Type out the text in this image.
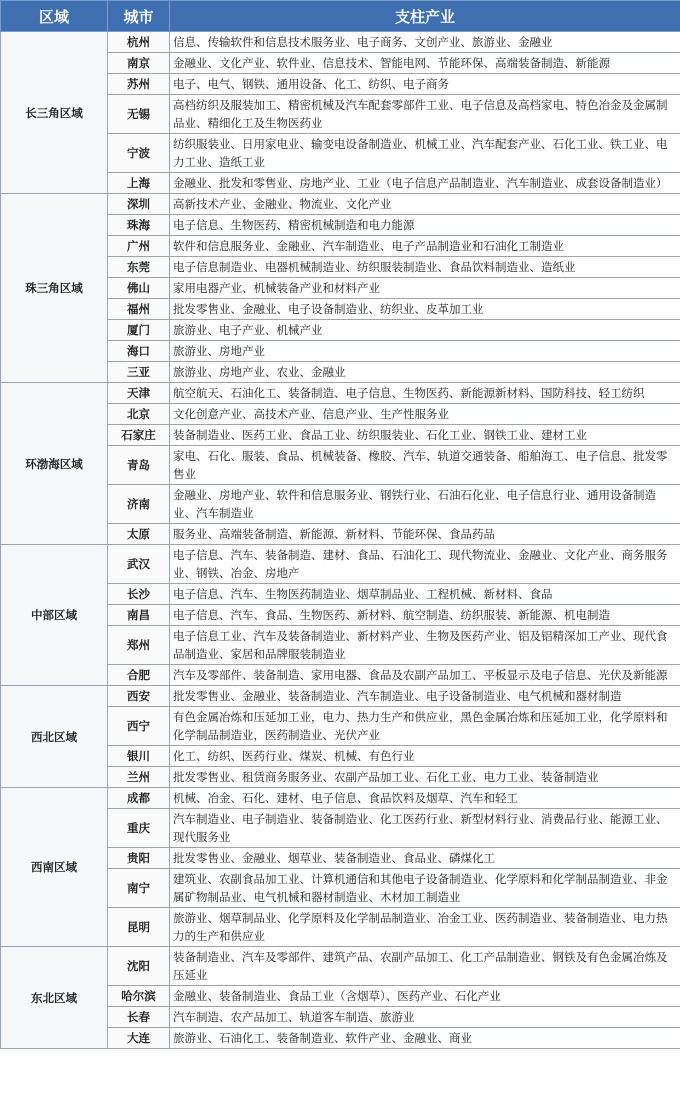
区域	城市	支柱产业
长三角区域	杭州	信息、传输软件和信息技术服务业、电子商务、文创产业、旅游业、金融业
	南京	金融业、文化产业、软件业、信息技术、智能电网、节能环保、高端装备制造、新能源
	苏州	电子、电气、钢铁、通用设备、化工、纺织、电子商务
	无锡	高档纺织及服装加工、精密机械及汽车配套零部件工业、电子信息及高档家电、特色冶金及金属制品业、精细化工及生物医药业
	宁波	纺织服装业、日用家电业、输变电设备制造业、机械工业、汽车配套产业、石化工业、铁工业、电力工业、造纸工业
	上海	金融业、批发和零售业、房地产业、工业（电子信息产品制造业、汽车制造业、成套设备制造业）
珠三角区域	深圳	高新技术产业、金融业、物流业、文化产业
	珠海	电子信息、生物医药、精密机械制造和电力能源
	广州	软件和信息服务业、金融业、汽车制造业、电子产品制造业和石油化工制造业
	东莞	电子信息制造业、电器机械制造业、纺织服装制造业、食品饮料制造业、造纸业
	佛山	家用电器产业、机械装备产业和材料产业
	福州	批发零售业、金融业、电子设备制造业、纺织业、皮革加工业
	厦门	旅游业、电子产业、机械产业
	海口	旅游业、房地产业
	三亚	旅游业、房地产业、农业、金融业
环渤海区域	天津	航空航天、石油化工、装备制造、电子信息、生物医药、新能源新材料、国防科技、轻工纺织
	北京	文化创意产业、高技术产业、信息产业、生产性服务业
	石家庄	装备制造业、医药工业、食品工业、纺织服装业、石化工业、钢铁工业、建材工业
	青岛	家电、石化、服装、食品、机械装备、橡胶、汽车、轨道交通装备、船舶海工、电子信息、批发零售业
	济南	金融业、房地产业、软件和信息服务业、钢铁行业、石油石化业、电子信息行业、通用设备制造业、汽车制造业
	太原	服务业、高端装备制造、新能源、新材料、节能环保、食品药品
中部区域	武汉	电子信息、汽车、装备制造、建材、食品、石油化工、现代物流业、金融业、文化产业、商务服务业、钢铁、冶金、房地产
	长沙	电子信息、汽车、生物医药制造业、烟草制品业、工程机械、新材料、食品
	南昌	电子信息、汽车、食品、生物医药、新材料、航空制造、纺织服装、新能源、机电制造
	郑州	电子信息工业、汽车及装备制造业、新材料产业、生物及医药产业、铝及铝精深加工产业、现代食品制造业、家居和品牌服装制造业
	合肥	汽车及零部件、装备制造、家用电器、食品及农副产品加工、平板显示及电子信息、光伏及新能源
西北区域	西安	批发零售业、金融业、装备制造业、汽车制造业、电子设备制造业、电气机械和器材制造
	西宁	有色金属冶炼和压延加工业，电力、热力生产和供应业，黑色金属冶炼和压延加工业，化学原料和化学制品制造业，医药制造业、光伏产业
	银川	化工、纺织、医药行业、煤炭、机械、有色行业
	兰州	批发零售业、租赁商务服务业、农副产品加工业、石化工业、电力工业、装备制造业
西南区域	成都	机械、冶金、石化、建材、电子信息、食品饮料及烟草、汽车和轻工
	重庆	汽车制造业、电子制造业、装备制造业、化工医药行业、新型材料行业、消费品行业、能源工业、现代服务业
	贵阳	批发零售业、金融业、烟草业、装备制造业、食品业、磷煤化工
	南宁	建筑业、农副食品加工业、计算机通信和其他电子设备制造业、化学原料和化学制品制造业、非金属矿物制品业、电气机械和器材制造业、木材加工制造业
	昆明	旅游业、烟草制品业、化学原料及化学制品制造业、冶金工业、医药制造业、装备制造业、电力热力的生产和供应业
东北区域	沈阳	装备制造业、汽车及零部件、建筑产品、农副产品加工、化工产品制造业、钢铁及有色金属冶炼及压延业
	哈尔滨	金融业、装备制造业、食品工业（含烟草）、医药产业、石化产业
	长春	汽车制造、农产品加工、轨道客车制造、旅游业
	大连	旅游业、石油化工、装备制造业、软件产业、金融业、商业
